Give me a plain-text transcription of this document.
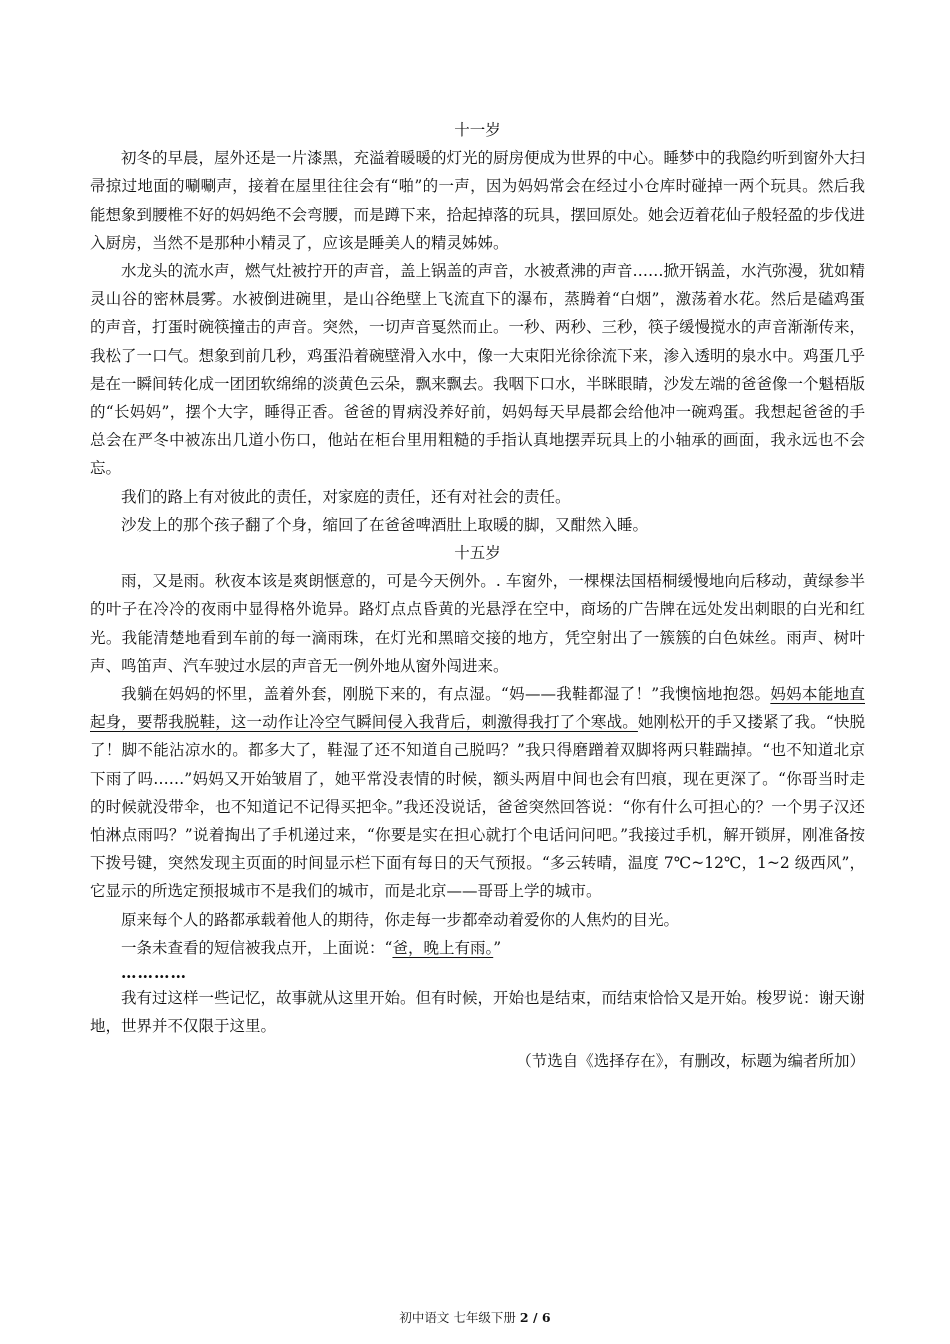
十一岁

初冬的早晨，屋外还是一片漆黑，充溢着暖暖的灯光的厨房便成为世界的中心。睡梦中的我隐约听到窗外大扫帚掠过地面的唰唰声，接着在屋里往往会有“啪”的一声，因为妈妈常会在经过小仓库时碰掉一两个玩具。然后我能想象到腰椎不好的妈妈绝不会弯腰，而是蹲下来，拾起掉落的玩具，摆回原处。她会迈着花仙子般轻盈的步伐进入厨房，当然不是那种小精灵了，应该是睡美人的精灵姊姊。

水龙头的流水声，燃气灶被拧开的声音，盖上锅盖的声音，水被煮沸的声音……掀开锅盖，水汽弥漫，犹如精灵山谷的密林晨雾。水被倒进碗里，是山谷绝壁上飞流直下的瀑布，蒸腾着“白烟”，激荡着水花。然后是磕鸡蛋的声音，打蛋时碗筷撞击的声音。突然，一切声音戛然而止。一秒、两秒、三秒，筷子缓慢搅水的声音渐渐传来，我松了一口气。想象到前几秒，鸡蛋沿着碗壁滑入水中，像一大束阳光徐徐流下来，渗入透明的泉水中。鸡蛋几乎是在一瞬间转化成一团团软绵绵的淡黄色云朵，飘来飘去。我咽下口水，半眯眼睛，沙发左端的爸爸像一个魁梧版的“长妈妈”，摆个大字，睡得正香。爸爸的胃病没养好前，妈妈每天早晨都会给他冲一碗鸡蛋。我想起爸爸的手总会在严冬中被冻出几道小伤口，他站在柜台里用粗糙的手指认真地摆弄玩具上的小轴承的画面，我永远也不会忘。

我们的路上有对彼此的责任，对家庭的责任，还有对社会的责任。

沙发上的那个孩子翻了个身，缩回了在爸爸啤酒肚上取暖的脚，又酣然入睡。

十五岁

雨，又是雨。秋夜本该是爽朗惬意的，可是今天例外。. 车窗外，一棵棵法国梧桐缓慢地向后移动，黄绿参半的叶子在冷冷的夜雨中显得格外诡异。路灯点点昏黄的光悬浮在空中，商场的广告牌在远处发出刺眼的白光和红光。我能清楚地看到车前的每一滴雨珠，在灯光和黑暗交接的地方，凭空射出了一簇簇的白色妹丝。雨声、树叶声、鸣笛声、汽车驶过水层的声音无一例外地从窗外闯进来。

我躺在妈妈的怀里，盖着外套，刚脱下来的，有点湿。“妈——我鞋都湿了！”我懊恼地抱怨。妈妈本能地直起身，要帮我脱鞋，这一动作让冷空气瞬间侵入我背后，刺激得我打了个寒战。她刚松开的手又搂紧了我。“快脱了！脚不能沾凉水的。都多大了，鞋湿了还不知道自己脱吗？”我只得磨蹭着双脚将两只鞋踹掉。“也不知道北京下雨了吗……”妈妈又开始皱眉了，她平常没表情的时候，额头两眉中间也会有凹痕，现在更深了。“你哥当时走的时候就没带伞，也不知道记不记得买把伞。”我还没说话，爸爸突然回答说：“你有什么可担心的？一个男子汉还怕淋点雨吗？”说着掏出了手机递过来，“你要是实在担心就打个电话问问吧。”我接过手机，解开锁屏，刚准备按下拨号键，突然发现主页面的时间显示栏下面有每日的天气预报。“多云转晴，温度 7℃~12℃，1~2 级西风”，它显示的所选定预报城市不是我们的城市，而是北京——哥哥上学的城市。

原来每个人的路都承载着他人的期待，你走每一步都牵动着爱你的人焦灼的目光。

一条未查看的短信被我点开，上面说：“爸，晚上有雨。”

…………

我有过这样一些记忆，故事就从这里开始。但有时候，开始也是结束，而结束恰恰又是开始。梭罗说：谢天谢地，世界并不仅限于这里。

（节选自《选择存在》，有删改，标题为编者所加）

初中语文 七年级下册 2 / 6
